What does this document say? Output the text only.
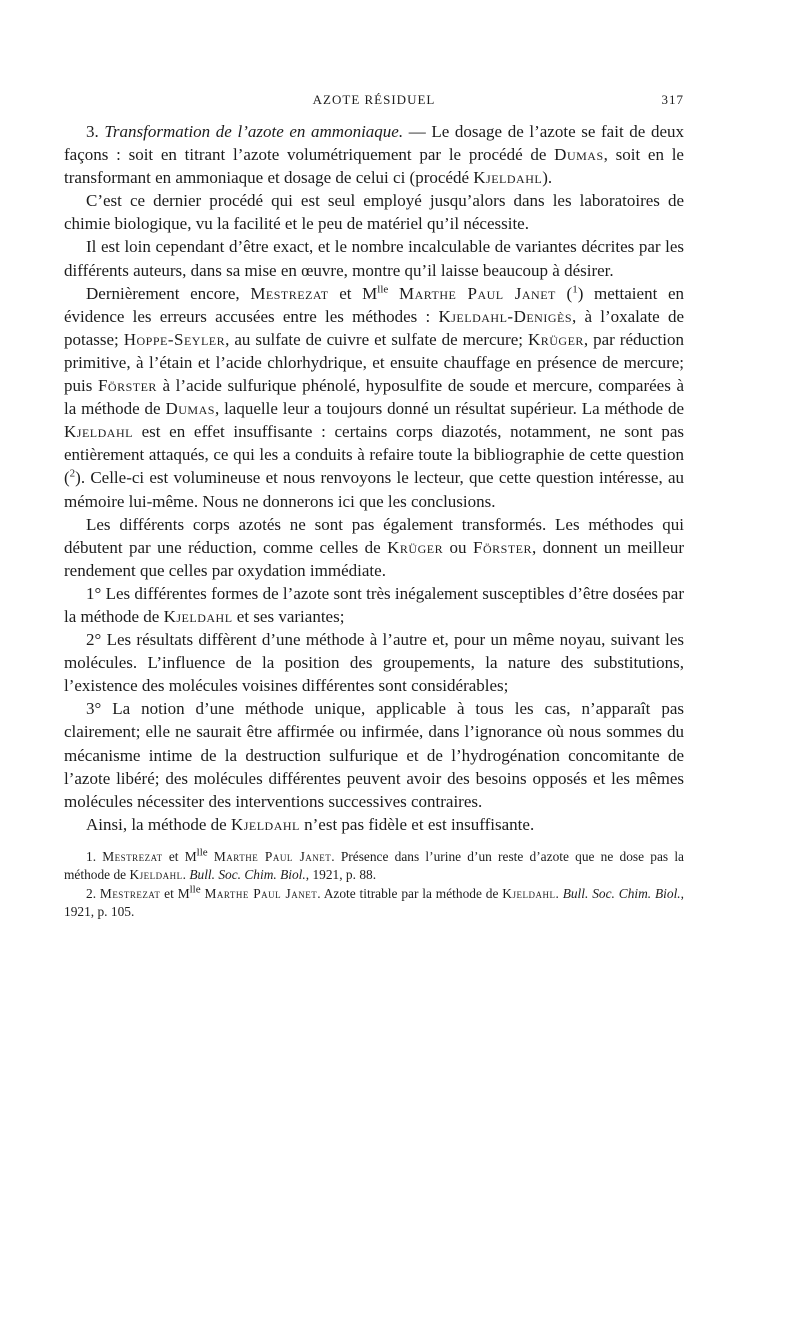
AZOTE RÉSIDUEL	317

3. Transformation de l’azote en ammoniaque. — Le dosage de l’azote se fait de deux façons : soit en titrant l’azote volumétriquement par le procédé de Dumas, soit en le transformant en ammoniaque et dosage de celui ci (procédé Kjeldahl).

C’est ce dernier procédé qui est seul employé jusqu’alors dans les laboratoires de chimie biologique, vu la facilité et le peu de matériel qu’il nécessite.

Il est loin cependant d’être exact, et le nombre incalculable de variantes décrites par les différents auteurs, dans sa mise en œuvre, montre qu’il laisse beaucoup à désirer.

Dernièrement encore, Mestrezat et $M^{lle}$ Marthe Paul Janet ($^1$) mettaient en évidence les erreurs accusées entre les méthodes : Kjeldahl-Denigès, à l’oxalate de potasse; Hoppe-Seyler, au sulfate de cuivre et sulfate de mercure; Krüger, par réduction primitive, à l’étain et l’acide chlorhydrique, et ensuite chauffage en présence de mercure; puis Förster à l’acide sulfurique phénolé, hyposulfite de soude et mercure, comparées à la méthode de Dumas, laquelle leur a toujours donné un résultat supérieur. La méthode de Kjeldahl est en effet insuffisante : certains corps diazotés, notamment, ne sont pas entièrement attaqués, ce qui les a conduits à refaire toute la bibliographie de cette question ($^2$). Celle-ci est volumineuse et nous renvoyons le lecteur, que cette question intéresse, au mémoire lui-même. Nous ne donnerons ici que les conclusions.

Les différents corps azotés ne sont pas également transformés. Les méthodes qui débutent par une réduction, comme celles de Krüger ou Förster, donnent un meilleur rendement que celles par oxydation immédiate.

1° Les différentes formes de l’azote sont très inégalement susceptibles d’être dosées par la méthode de Kjeldahl et ses variantes;

2° Les résultats diffèrent d’une méthode à l’autre et, pour un même noyau, suivant les molécules. L’influence de la position des groupements, la nature des substitutions, l’existence des molécules voisines différentes sont considérables;

3° La notion d’une méthode unique, applicable à tous les cas, n’apparaît pas clairement; elle ne saurait être affirmée ou infirmée, dans l’ignorance où nous sommes du mécanisme intime de la destruction sulfurique et de l’hydrogénation concomitante de l’azote libéré; des molécules différentes peuvent avoir des besoins opposés et les mêmes molécules nécessiter des interventions successives contraires.

Ainsi, la méthode de Kjeldahl n’est pas fidèle et est insuffisante.

1. Mestrezat et $M^{lle}$ Marthe Paul Janet. Présence dans l’urine d’un reste d’azote que ne dose pas la méthode de Kjeldahl. Bull. Soc. Chim. Biol., 1921, p. 88.

2. Mestrezat et $M^{lle}$ Marthe Paul Janet. Azote titrable par la méthode de Kjeldahl. Bull. Soc. Chim. Biol., 1921, p. 105.
